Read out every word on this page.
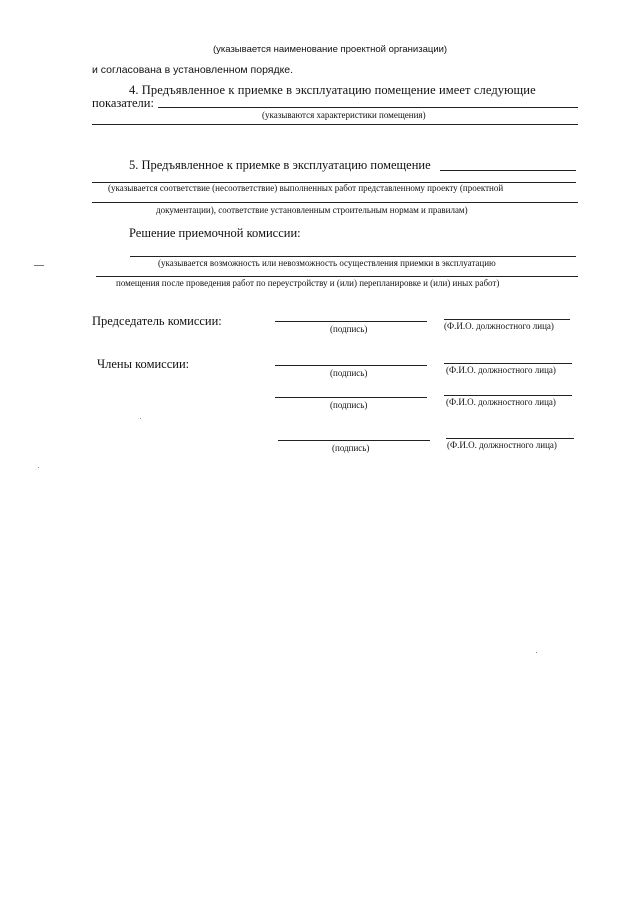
(указывается наименование проектной организации)
и согласована в установленном порядке.
4. Предъявленное к приемке в эксплуатацию помещение имеет следующие
показатели:
(указываются характеристики помещения)
5. Предъявленное к приемке в эксплуатацию помещение
(указывается соответствие (несоответствие) выполненных работ представленному проекту (проектной
документации), соответствие установленным строительным нормам и правилам)
Решение приемочной комиссии:
(указывается возможность или невозможность осуществления приемки в эксплуатацию
помещения после проведения работ по переустройству и (или) перепланировке и (или) иных работ)
Председатель комиссии:
(подпись)	(Ф.И.О. должностного лица)
Члены комиссии:
(подпись)	(Ф.И.О. должностного лица)
(подпись)	(Ф.И.О. должностного лица)
(подпись)	(Ф.И.О. должностного лица)
